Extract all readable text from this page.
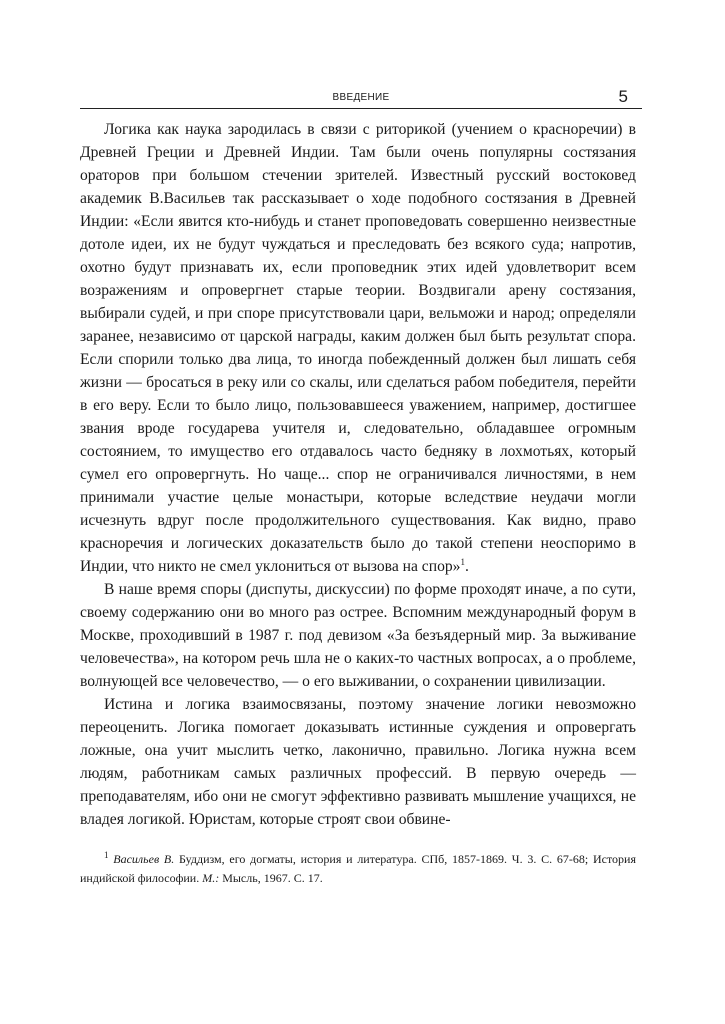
ВВЕДЕНИЕ	5

Логика как наука зародилась в связи с риторикой (учением о красноречии) в Древней Греции и Древней Индии. Там были очень популярны состязания ораторов при большом стечении зрителей. Известный русский востоковед академик В.Васильев так рассказывает о ходе подобного состязания в Древней Индии: «Если явится кто-нибудь и станет проповедовать совершенно неизвестные дотоле идеи, их не будут чуждаться и преследовать без всякого суда; напротив, охотно будут признавать их, если проповедник этих идей удовлетворит всем возражениям и опровергнет старые теории. Воздвигали арену состязания, выбирали судей, и при споре присутствовали цари, вельможи и народ; определяли заранее, независимо от царской награды, каким должен был быть результат спора. Если спорили только два лица, то иногда побежденный должен был лишать себя жизни — бросаться в реку или со скалы, или сделаться рабом победителя, перейти в его веру. Если то было лицо, пользовавшееся уважением, например, достигшее звания вроде государева учителя и, следовательно, обладавшее огромным состоянием, то имущество его отдавалось часто бедняку в лохмотьях, который сумел его опровергнуть. Но чаще... спор не ограничивался личностями, в нем принимали участие целые монастыри, которые вследствие неудачи могли исчезнуть вдруг после продолжительного существования. Как видно, право красноречия и логических доказательств было до такой степени неоспоримо в Индии, что никто не смел уклониться от вызова на спор»$^1$.

В наше время споры (диспуты, дискуссии) по форме проходят иначе, а по сути, своему содержанию они во много раз острее. Вспомним международный форум в Москве, проходивший в 1987 г. под девизом «За безъядерный мир. За выживание человечества», на котором речь шла не о каких-то частных вопросах, а о проблеме, волнующей все человечество, — о его выживании, о сохранении цивилизации.

Истина и логика взаимосвязаны, поэтому значение логики невозможно переоценить. Логика помогает доказывать истинные суждения и опровергать ложные, она учит мыслить четко, лаконично, правильно. Логика нужна всем людям, работникам самых различных профессий. В первую очередь — преподавателям, ибо они не смогут эффективно развивать мышление учащихся, не владея логикой. Юристам, которые строят свои обвине-

$^1$ Васильев В. Буддизм, его догматы, история и литература. СПб, 1857-1869. Ч. 3. С. 67-68; История индийской философии. М.: Мысль, 1967. С. 17.
